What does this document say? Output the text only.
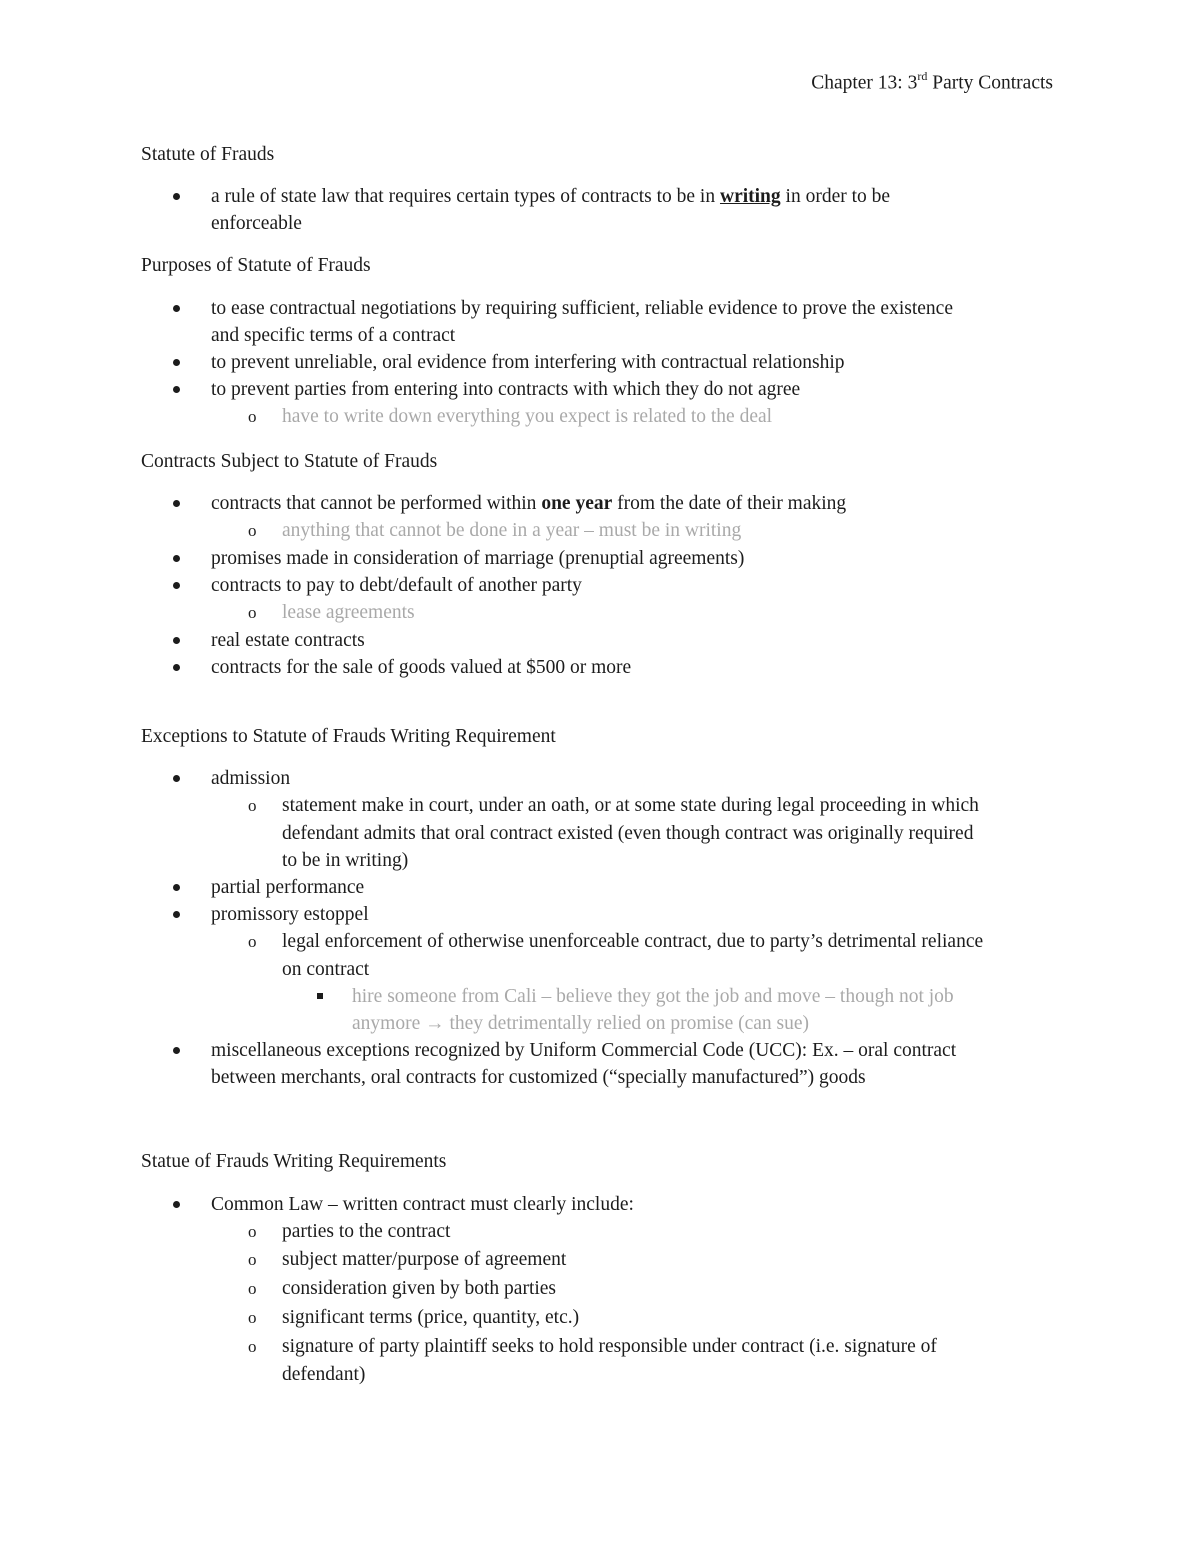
Chapter 13: 3rd Party Contracts
Statute of Frauds
a rule of state law that requires certain types of contracts to be in writing in order to be
enforceable
Purposes of Statute of Frauds
to ease contractual negotiations by requiring sufficient, reliable evidence to prove the existence
and specific terms of a contract
to prevent unreliable, oral evidence from interfering with contractual relationship
to prevent parties from entering into contracts with which they do not agree
o have to write down everything you expect is related to the deal
Contracts Subject to Statute of Frauds
contracts that cannot be performed within one year from the date of their making
o anything that cannot be done in a year – must be in writing
promises made in consideration of marriage (prenuptial agreements)
contracts to pay to debt/default of another party
o lease agreements
real estate contracts
contracts for the sale of goods valued at $500 or more
Exceptions to Statute of Frauds Writing Requirement
admission
o statement make in court, under an oath, or at some state during legal proceeding in which
defendant admits that oral contract existed (even though contract was originally required
to be in writing)
partial performance
promissory estoppel
o legal enforcement of otherwise unenforceable contract, due to party’s detrimental reliance
on contract
hire someone from Cali – believe they got the job and move – though not job
anymore → they detrimentally relied on promise (can sue)
miscellaneous exceptions recognized by Uniform Commercial Code (UCC): Ex. – oral contract
between merchants, oral contracts for customized (“specially manufactured”) goods
Statue of Frauds Writing Requirements
Common Law – written contract must clearly include:
o parties to the contract
o subject matter/purpose of agreement
o consideration given by both parties
o significant terms (price, quantity, etc.)
o signature of party plaintiff seeks to hold responsible under contract (i.e. signature of
defendant)
